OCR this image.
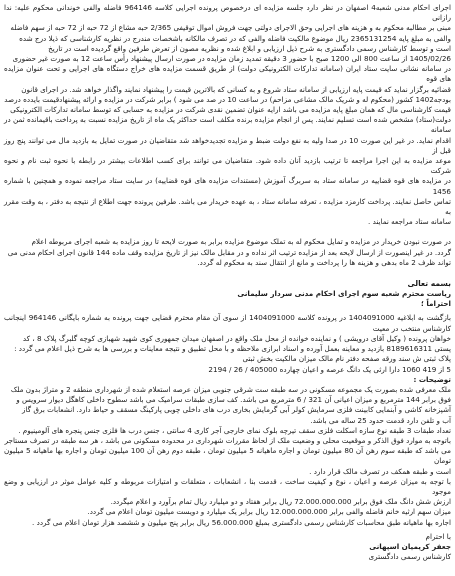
اجرای احکام مدنی شعبه4 اصفهان در نظر دارد جلسه مزایده ای درخصوص پرونده اجرایی کلاسه 964146 فاضله والفی خوندانی محکوم علیه: ندا رازانی
مبنی بر مطالبه محکوم به و هزینه های اجرایی وحق الاجرای دولتی جهت فروش اموال توقیفی 2/365 حبه مشاع از 72 حبه از 72 حبه از سهم فاضله
والفی به مبلغ پایه 2365131254 ریال موضوع مالکیت فاضله والفی که در تصرف مالکانه باشخصات مندرج در نظریه کارشناسی که ذیلا درج شده
است و توسط کارشناس رسمی دادگستری به شرح ذیل ارزیابی و ابلاغ شده و نظریه مصون از تعرض طرفین واقع گردیده است در تاریخ
1405/02/26 از ساعت 800 الی 1200 صبح با حضور 3 دقیقه تمدید زمان مزایده در صورت ارسال پیشنهاد رأس ساعت 12 به صورت غیر حضوری
در سامانه نشانی سایت ستاد ایران (سامانه تدارکات الکترونیکی دولت) از طریق قسمت مزایده های خراج دستگاه های اجرایی و تحت عنوان مزایده های قوه
قضائیه برگزار نماید که قیمت پایه ارزیابی از سامانه ستاد شروع و به کسانی که بالاترین قیمت را پیشنهاد نمایند واگذار خواهد شد. در اجرای قانون
بودجه1402 کشور (محکوم له و شریک مالک مشاعی مزاحم) در ساعت 10 در صد می شود ) برابر شرکت در مزایده و ارائه پیشنهادقیمت بایدده درصد
قیمت کارشناسی مال که همان مبلغ پایه مزایده می باشد ارایه عنوان تضمین نقدی شرکت در مزایده به حسابی که توسط سامانه تدارکات الکترونیکی
دولت(ستاد) مشخص شده است تسلیم نمایند. پس از انجام مزایده برنده مکلف است حداکثر یک ماه از تاریخ مزایده نسبت به پرداخت باقیمانده ثمن در سامانه
اقدام نماید. در غیر این صورت 10 در صدا ولیه به نفع دولت ضبط و مزایده تجدیدخواهد شد متقاضیان در صورت تمایل به بازدید مال می توانند پنج روز قبل از
موعد مزایده به این اجرا مراجعه تا ترتیب بازدید آنان داده شود. متقاضیان می توانند برای کسب اطلاعات بیشتر در رابطه با نحوه ثبت نام و نحوه شرکت
در مزایده های قوه قضاییه در سامانه ستاد به سربرگ آموزش (مستندات مزایده های قوه قضاییه) در سایت ستاد مراجعه نموده و همچنین با شماره 1456
تماس حاصل نمایند. پرداخت کارمزد مزایده ، تعرفه سامانه ستاد ، به عهده خریدار می باشد. طرفین پرونده جهت اطلاع از نتیجه به دفتر ، به وقت مقرر به
سامانه ستاد مراجعه نمایند .
در صورت نبودن خریدار در مزایده و تمایل محکوم له به تملک موضوع مزایده برابر به صورت لایحه تا روز مزایده به شعبه اجرای مربوطه اعلام
گردد. در غیر اینصورت از ارسال لایحه بعد از مزایده ترتیب اثر نداده و در مقابل مالک نیز از تاریخ مزایده وقف ماده 144 قانون اجرای احکام مدنی می
تواند ظرف 2 ماه بدهی و هزینه ها را پرداخت و مانع از انتقال سند به محکوم له گردد.

بسمه تعالی

ریاست محترم شعبه سوم اجرای احکام مدنی سردار سلیمانی

احتراماً ؛

بازگشت به ابلاغیه 1404091000 در پرونده کلاسه 1404091000 از سوی آن مقام محترم قضایی جهت پرونده به شماره بایگانی 964146 اینجانب کارشناس منتخب در معیت
خواهان پرونده ( وکیل آقای درویشی ) و نماینده خوانده از محل ملک واقع در اصفهان میدان جمهوری کوی شهید شهبازی کوچه گلبرگ پلاک 8 ، کد
پستی 8189616311 بازدید و معاینه بعمل آورده و اسناد ابرازی ملاحظه و با محل تطبیق و نتیجه معاینات و بررسی ها به شرح ذیل اعلام می گردد :

پلاک ثبتی ش سند ورقه صفحه دفتر نام مالک میزان مالکیت بخش ثبتی

5 از 419 1060 دارا ارثی یک دانگ عرصه و اعیان چهارده 405000 / 26 / 2194

توضیحات :

ملک معرفی شده بصورت یک مجموعه مسکونی در سه طبقه ست شرقی جنوبی میزان عرصه استعلام شده از شهرداری منطقه 2 و متراژ بدون ملک
فوق برابر 144 مترمربع و میزان اعیانی آن 321 / 6 مترمربع می باشد. کف سازی طبقات سرامیک می باشد سطوح داخلی کاهگل دیوار سرویس و
آشپزخانه کاشی و آبنمایی کابینت فلزی سرمایش کولر آبی گرمایش بخاری درب های داخلی چوبی پارکینگ مسقف و حیاط دارد. انشعابات برق گاز
آب و تلفن دارد قدمت حدود 25 ساله می باشد.

تعداد طبقات 3 طبقه نوع سازه اسکلت فلزی سقف تیرچه بلوک نمای خارجی آجر کاری 4 سانتی ، جنس درب ها فلزی جنس پنجره های آلومینیوم .

باتوجه به موارد فوق الذکر و موقعیت محلی و وضعیت ملک از لحاظ مقررات شهرداری در محدوده مسکونی می باشد ، هر سه طبقه در تصرف مستاجر
می باشد که طبقه سوم رهن آن 80 میلیون تومان و اجاره ماهیانه 5 میلیون تومان ، طبقه دوم رهن آن 100 میلیون تومان و اجاره بها ماهیانه 5 میلیون تومان
است و طبقه همکف در تصرف مالک قرار دارد .
با توجه به میزان عرصه و اعیان ، نوع و کیفیت ساخت ، قدمت بنا ، انشعابات ، متعلقات و امتیازات مربوطه و کلیه عوامل موثر در ارزیابی و وضع موجود
ارزش شش دانگ ملک فوق برابر 72.000.000.000 ریال برابر هفتاد و دو میلیارد ریال تمام برآورد و اعلام میگردد.
میزان سهم ارثیه خانم فاضله والفی برابر 12.000.000.000 ریال برابر یک میلیارد و دویست میلیون تومان اعلام می گردد.
اجاره بها ماهیانه طبق محاسبات کارشناس رسمی دادگستری بمبلغ 56.000.000 ریال برابر پنج میلیون و ششصد هزار تومان اعلام می گردد .

با احترام

جعفر کریمیان اسپهانی

کارشناس رسمی دادگستری
